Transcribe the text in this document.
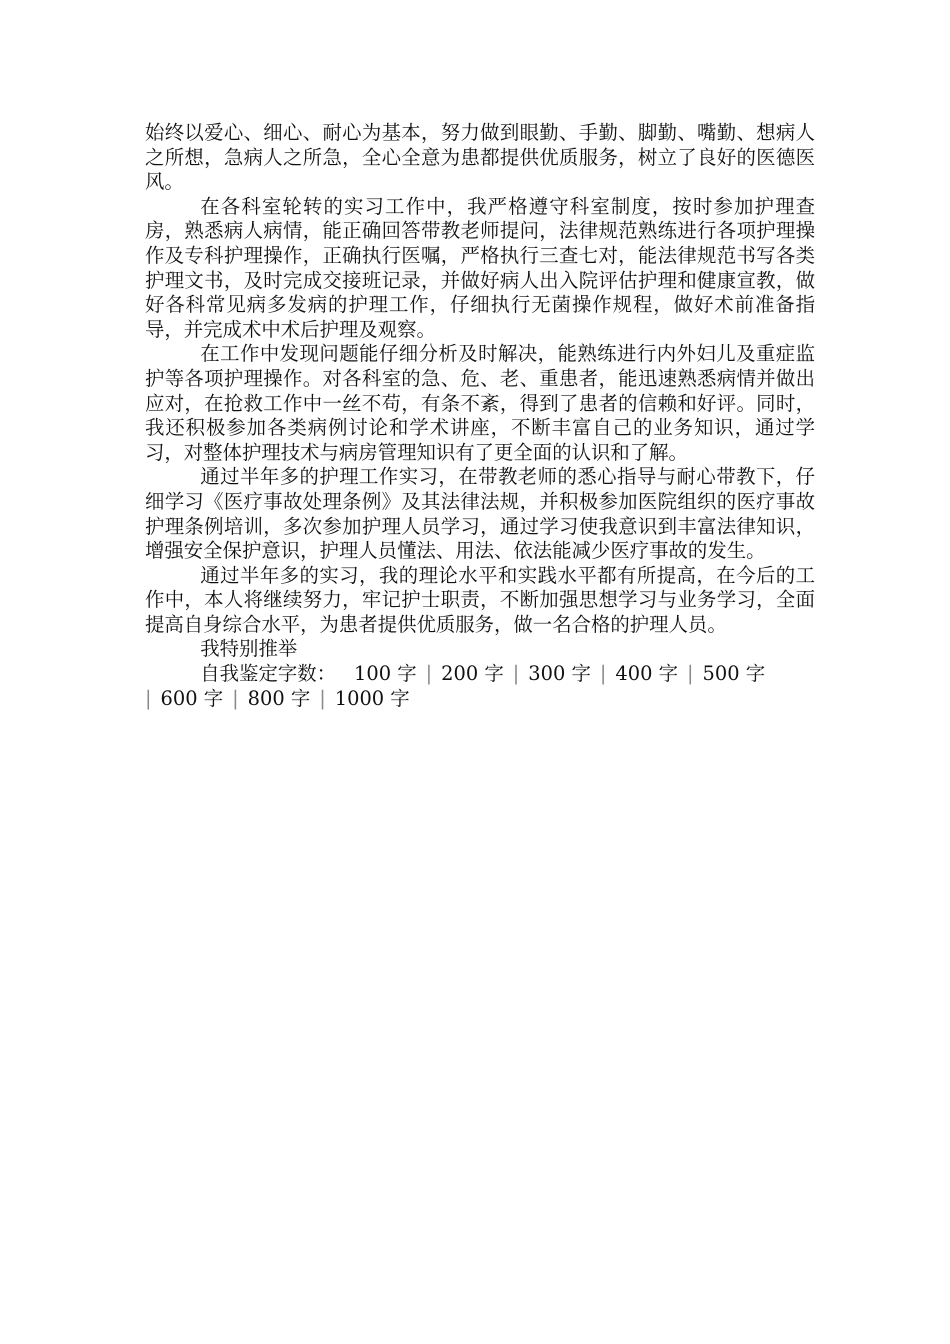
始终以爱心、细心、耐心为基本，努力做到眼勤、手勤、脚勤、嘴勤、想病人之所想，急病人之所急，全心全意为患都提供优质服务，树立了良好的医德医风。

在各科室轮转的实习工作中，我严格遵守科室制度，按时参加护理查房，熟悉病人病情，能正确回答带教老师提问，法律规范熟练进行各项护理操作及专科护理操作，正确执行医嘱，严格执行三查七对，能法律规范书写各类护理文书，及时完成交接班记录，并做好病人出入院评估护理和健康宣教，做好各科常见病多发病的护理工作，仔细执行无菌操作规程，做好术前准备指导，并完成术中术后护理及观察。

在工作中发现问题能仔细分析及时解决，能熟练进行内外妇儿及重症监护等各项护理操作。对各科室的急、危、老、重患者，能迅速熟悉病情并做出应对，在抢救工作中一丝不苟，有条不紊，得到了患者的信赖和好评。同时，我还积极参加各类病例讨论和学术讲座，不断丰富自己的业务知识，通过学习，对整体护理技术与病房管理知识有了更全面的认识和了解。

通过半年多的护理工作实习，在带教老师的悉心指导与耐心带教下，仔细学习《医疗事故处理条例》及其法律法规，并积极参加医院组织的医疗事故护理条例培训，多次参加护理人员学习，通过学习使我意识到丰富法律知识，增强安全保护意识，护理人员懂法、用法、依法能减少医疗事故的发生。

通过半年多的实习，我的理论水平和实践水平都有所提高，在今后的工作中，本人将继续努力，牢记护士职责，不断加强思想学习与业务学习，全面提高自身综合水平，为患者提供优质服务，做一名合格的护理人员。

我特别推举

自我鉴定字数： 100 字 | 200 字 | 300 字 | 400 字 | 500 字
| 600 字 | 800 字 | 1000 字
